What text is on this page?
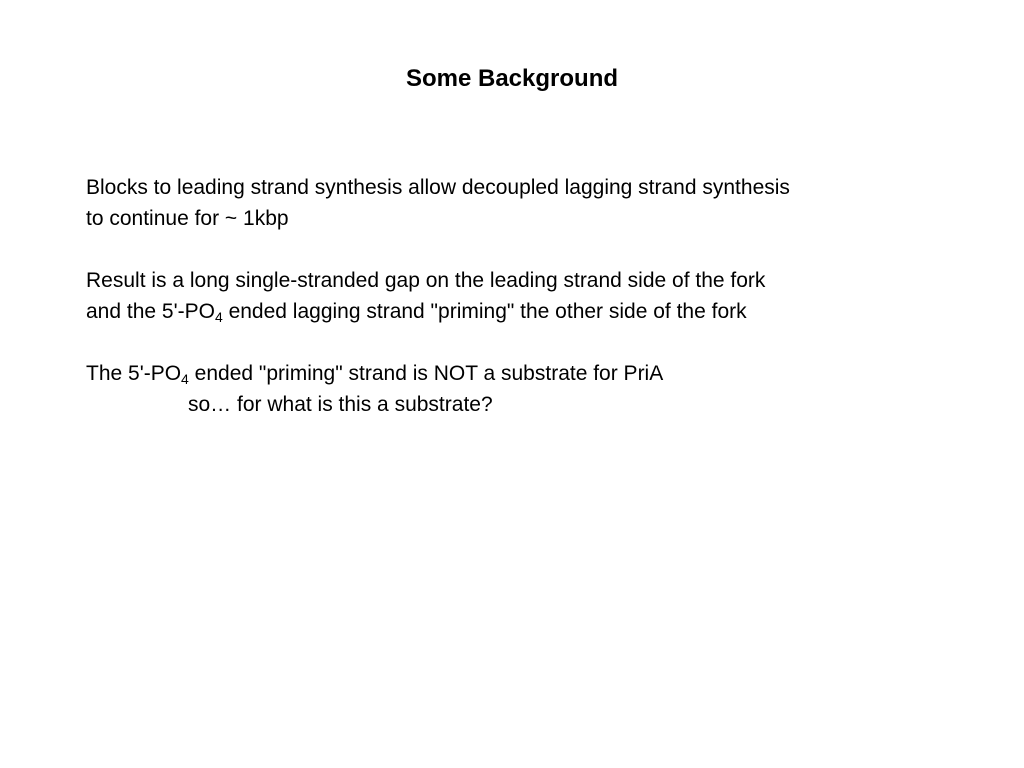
Some Background
Blocks to leading strand synthesis allow decoupled lagging strand synthesis
to continue for ~ 1kbp
Result is a long single-stranded gap on the leading strand side of the fork
and the $5'-PO_4$ ended lagging strand "priming" the other side of the fork
The $5'-PO_4$ ended "priming" strand is NOT a substrate for PriA
so… for what is this a substrate?
